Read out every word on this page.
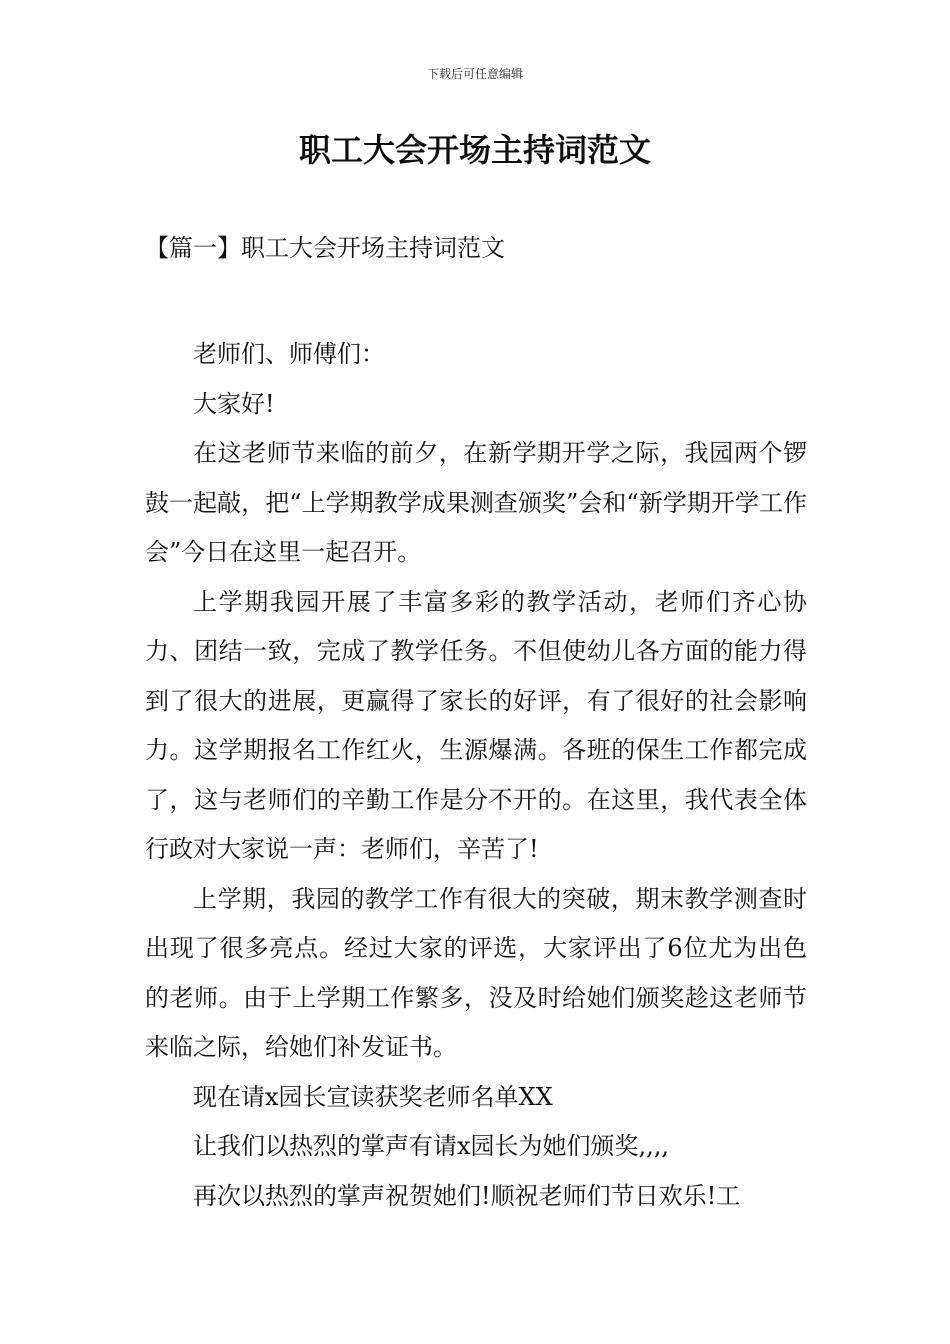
下载后可任意编辑
职工大会开场主持词范文
【篇一】职工大会开场主持词范文

老师们、师傅们：

大家好!

在这老师节来临的前夕，在新学期开学之际，我园两个锣鼓一起敲，把“上学期教学成果测查颁奖”会和“新学期开学工作会”今日在这里一起召开。

上学期我园开展了丰富多彩的教学活动，老师们齐心协力、团结一致，完成了教学任务。不但使幼儿各方面的能力得到了很大的进展，更赢得了家长的好评，有了很好的社会影响力。这学期报名工作红火，生源爆满。各班的保生工作都完成了，这与老师们的辛勤工作是分不开的。在这里，我代表全体行政对大家说一声：老师们，辛苦了!

上学期，我园的教学工作有很大的突破，期末教学测查时出现了很多亮点。经过大家的评选，大家评出了6位尤为出色的老师。由于上学期工作繁多，没及时给她们颁奖趁这老师节来临之际，给她们补发证书。

现在请x园长宣读获奖老师名单XX

让我们以热烈的掌声有请x园长为她们颁奖,,,,

再次以热烈的掌声祝贺她们!顺祝老师们节日欢乐!工
